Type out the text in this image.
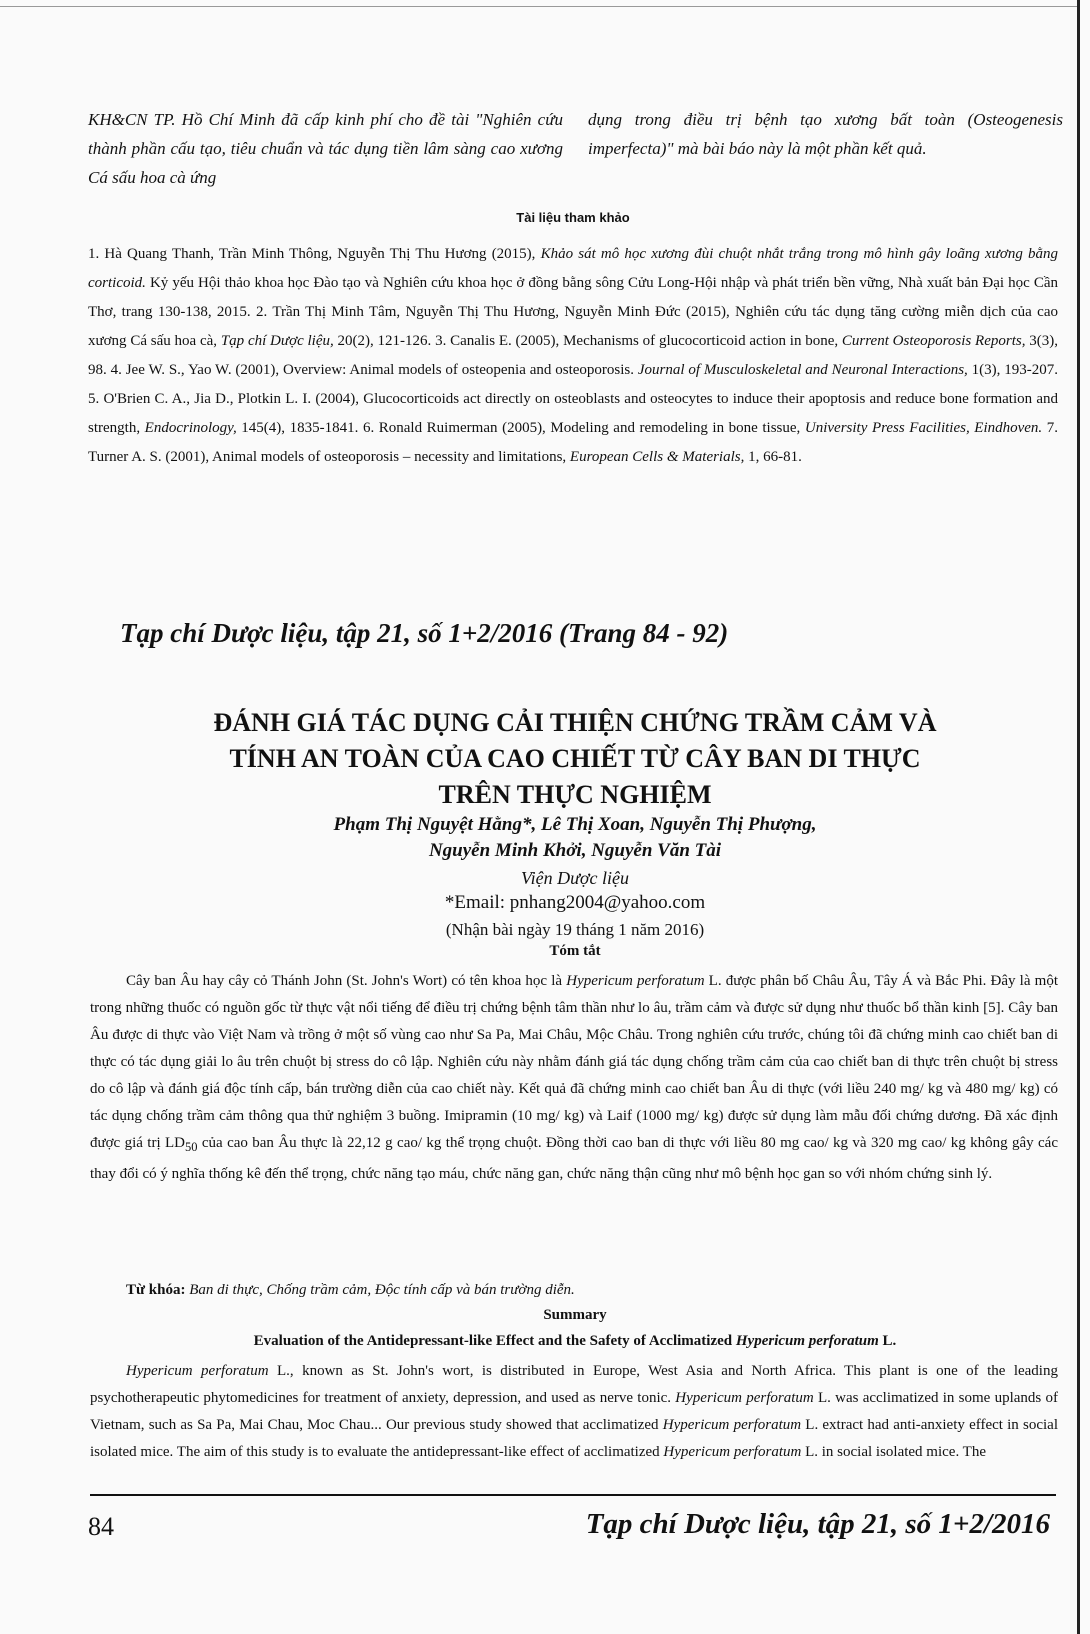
KH&CN TP. Hồ Chí Minh đã cấp kinh phí cho đề tài "Nghiên cứu thành phần cấu tạo, tiêu chuẩn và tác dụng tiền lâm sàng cao xương Cá sấu hoa cà ứng
dụng trong điều trị bệnh tạo xương bất toàn (Osteogenesis imperfecta)" mà bài báo này là một phần kết quả.
Tài liệu tham khảo
1. Hà Quang Thanh, Trần Minh Thông, Nguyễn Thị Thu Hương (2015), Khảo sát mô học xương đùi chuột nhắt trắng trong mô hình gây loãng xương bằng corticoid. Kỷ yếu Hội thảo khoa học Đào tạo và Nghiên cứu khoa học ở đồng bằng sông Cửu Long-Hội nhập và phát triển bền vững, Nhà xuất bản Đại học Cần Thơ, trang 130-138, 2015. 2. Trần Thị Minh Tâm, Nguyễn Thị Thu Hương, Nguyễn Minh Đức (2015), Nghiên cứu tác dụng tăng cường miễn dịch của cao xương Cá sấu hoa cà, Tạp chí Dược liệu, 20(2), 121-126. 3. Canalis E. (2005), Mechanisms of glucocorticoid action in bone, Current Osteoporosis Reports, 3(3), 98. 4. Jee W. S., Yao W. (2001), Overview: Animal models of osteopenia and osteoporosis. Journal of Musculoskeletal and Neuronal Interactions, 1(3), 193-207. 5. O'Brien C. A., Jia D., Plotkin L. I. (2004), Glucocorticoids act directly on osteoblasts and osteocytes to induce their apoptosis and reduce bone formation and strength, Endocrinology, 145(4), 1835-1841. 6. Ronald Ruimerman (2005), Modeling and remodeling in bone tissue, University Press Facilities, Eindhoven. 7. Turner A. S. (2001), Animal models of osteoporosis – necessity and limitations, European Cells & Materials, 1, 66-81.
Tạp chí Dược liệu, tập 21, số 1+2/2016 (Trang 84 - 92)
ĐÁNH GIÁ TÁC DỤNG CẢI THIỆN CHỨNG TRẦM CẢM VÀ
TÍNH AN TOÀN CỦA CAO CHIẾT TỪ CÂY BAN DI THỰC
TRÊN THỰC NGHIỆM
Phạm Thị Nguyệt Hằng*, Lê Thị Xoan, Nguyễn Thị Phượng,
Nguyễn Minh Khởi, Nguyễn Văn Tài
Viện Dược liệu
*Email: pnhang2004@yahoo.com
(Nhận bài ngày 19 tháng 1 năm 2016)
Tóm tắt
Cây ban Âu hay cây cỏ Thánh John (St. John's Wort) có tên khoa học là Hypericum perforatum L. được phân bố Châu Âu, Tây Á và Bắc Phi. Đây là một trong những thuốc có nguồn gốc từ thực vật nổi tiếng để điều trị chứng bệnh tâm thần như lo âu, trầm cảm và được sử dụng như thuốc bổ thần kinh [5]. Cây ban Âu được di thực vào Việt Nam và trồng ở một số vùng cao như Sa Pa, Mai Châu, Mộc Châu. Trong nghiên cứu trước, chúng tôi đã chứng minh cao chiết ban di thực có tác dụng giải lo âu trên chuột bị stress do cô lập. Nghiên cứu này nhằm đánh giá tác dụng chống trầm cảm của cao chiết ban di thực trên chuột bị stress do cô lập và đánh giá độc tính cấp, bán trường diễn của cao chiết này. Kết quả đã chứng minh cao chiết ban Âu di thực (với liều 240 mg/ kg và 480 mg/ kg) có tác dụng chống trầm cảm thông qua thử nghiệm 3 buồng. Imipramin (10 mg/ kg) và Laif (1000 mg/ kg) được sử dụng làm mẫu đối chứng dương. Đã xác định được giá trị $LD_{50}$ của cao ban Âu thực là 22,12 g cao/ kg thể trọng chuột. Đồng thời cao ban di thực với liều 80 mg cao/ kg và 320 mg cao/ kg không gây các thay đổi có ý nghĩa thống kê đến thể trọng, chức năng tạo máu, chức năng gan, chức năng thận cũng như mô bệnh học gan so với nhóm chứng sinh lý.
Từ khóa: Ban di thực, Chống trầm cảm, Độc tính cấp và bán trường diễn.
Summary
Evaluation of the Antidepressant-like Effect and the Safety of Acclimatized Hypericum perforatum L.
Hypericum perforatum L., known as St. John's wort, is distributed in Europe, West Asia and North Africa. This plant is one of the leading psychotherapeutic phytomedicines for treatment of anxiety, depression, and used as nerve tonic. Hypericum perforatum L. was acclimatized in some uplands of Vietnam, such as Sa Pa, Mai Chau, Moc Chau... Our previous study showed that acclimatized Hypericum perforatum L. extract had anti-anxiety effect in social isolated mice. The aim of this study is to evaluate the antidepressant-like effect of acclimatized Hypericum perforatum L. in social isolated mice. The
84	Tạp chí Dược liệu, tập 21, số 1+2/2016
